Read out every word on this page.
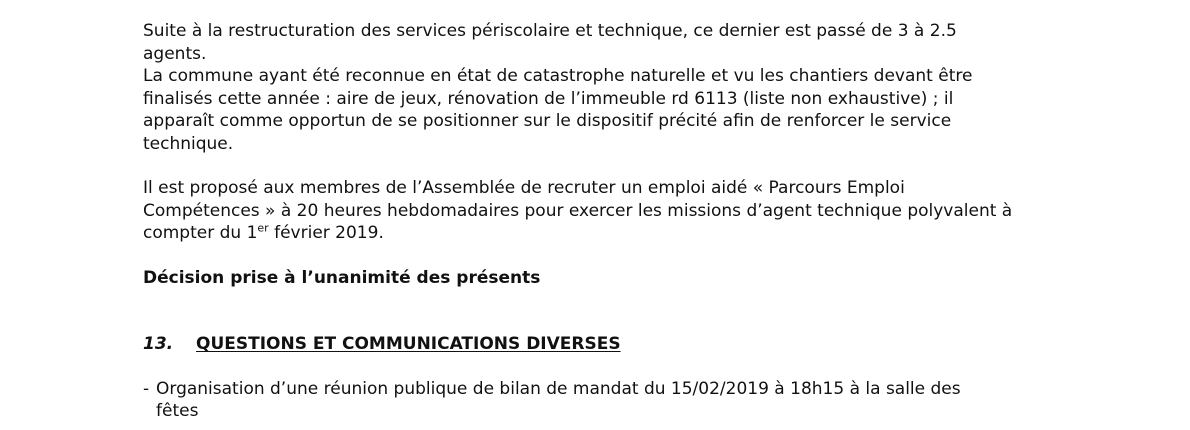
Suite à la restructuration des services périscolaire et technique, ce dernier est passé de 3 à 2.5

agents.

La commune ayant été reconnue en état de catastrophe naturelle et vu les chantiers devant être

finalisés cette année : aire de jeux, rénovation de l’immeuble rd 6113 (liste non exhaustive) ; il

apparaît comme opportun de se positionner sur le dispositif précité afin de renforcer le service

technique.

Il est proposé aux membres de l’Assemblée de recruter un emploi aidé « Parcours Emploi

Compétences » à 20 heures hebdomadaires pour exercer les missions d’agent technique polyvalent à

compter du 1er février 2019.

Décision prise à l’unanimité des présents

13.	QUESTIONS ET COMMUNICATIONS DIVERSES
- Organisation d’une réunion publique de bilan de mandat du 15/02/2019 à 18h15 à la salle des
fêtes
